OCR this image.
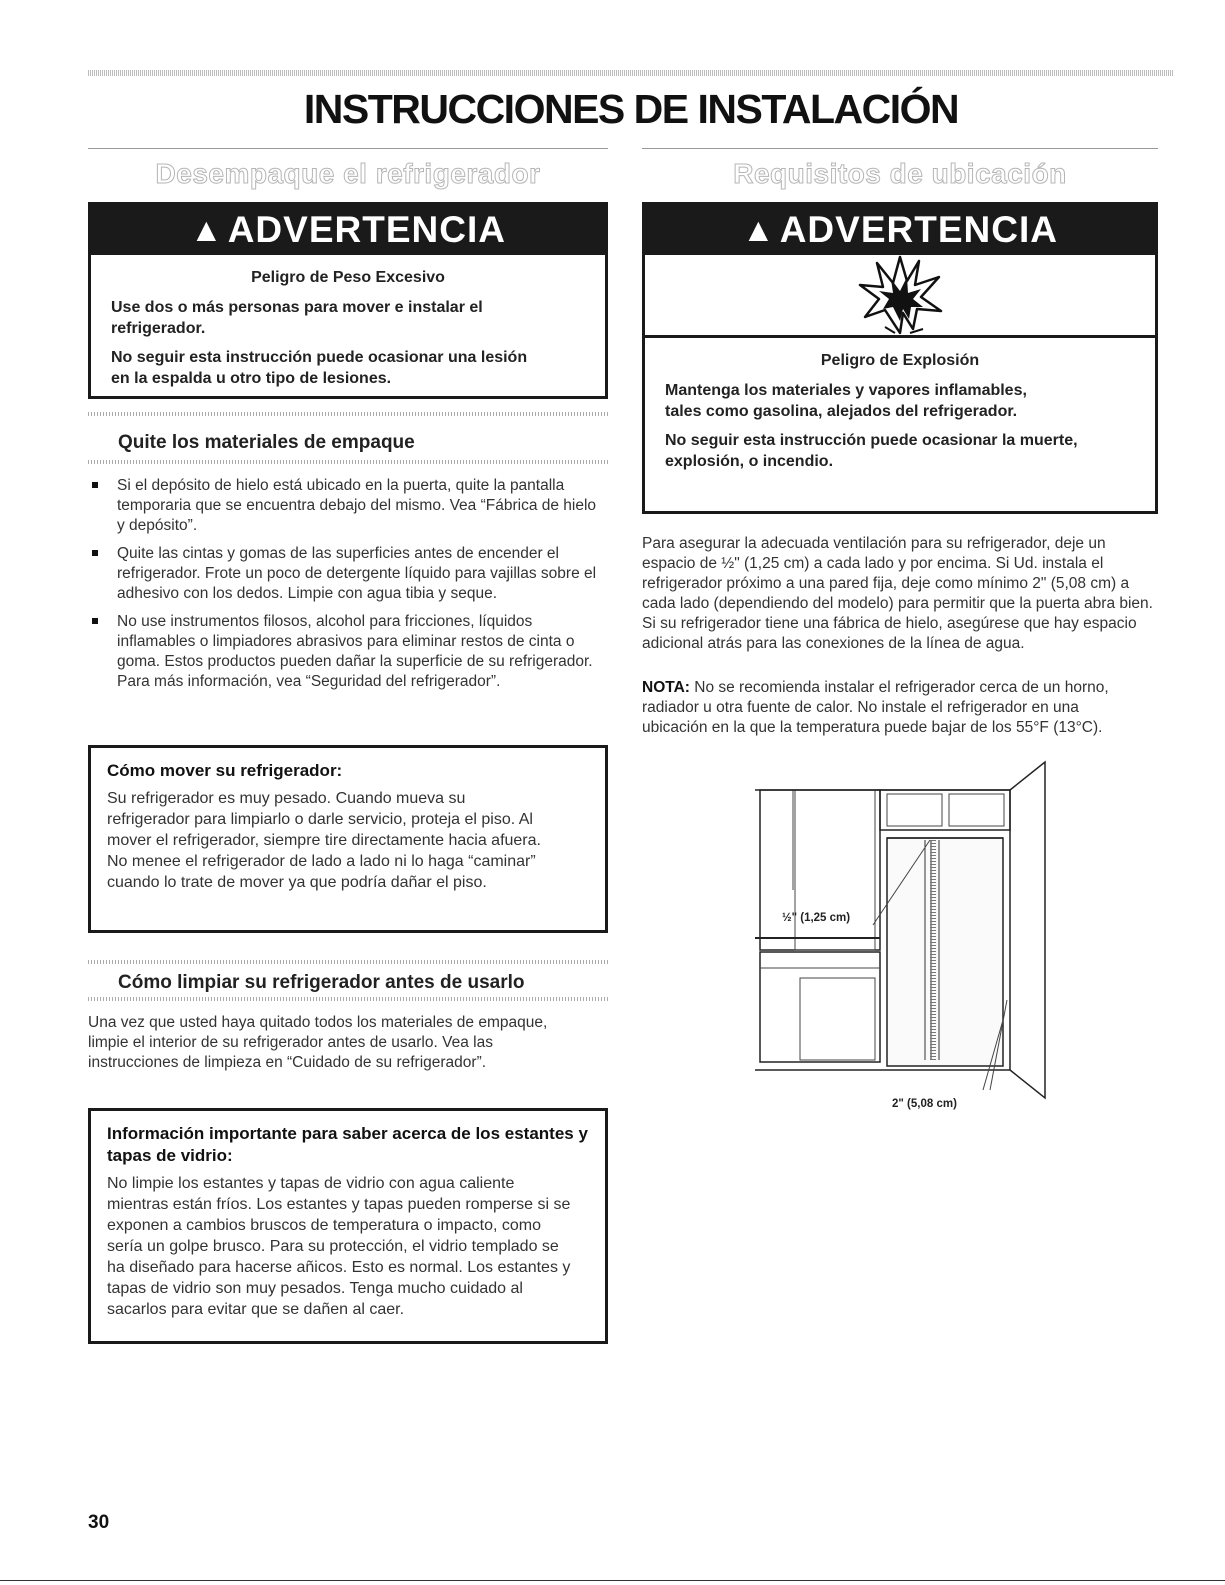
INSTRUCCIONES DE INSTALACIÓN
Desempaque el refrigerador
▲ ADVERTENCIA
Peligro de Peso Excesivo

Use dos o más personas para mover e instalar el refrigerador.

No seguir esta instrucción puede ocasionar una lesión en la espalda u otro tipo de lesiones.

Quite los materiales de empaque
Si el depósito de hielo está ubicado en la puerta, quite la pantalla temporaria que se encuentra debajo del mismo. Vea “Fábrica de hielo y depósito”.
Quite las cintas y gomas de las superficies antes de encender el refrigerador. Frote un poco de detergente líquido para vajillas sobre el adhesivo con los dedos. Limpie con agua tibia y seque.
No use instrumentos filosos, alcohol para fricciones, líquidos inflamables o limpiadores abrasivos para eliminar restos de cinta o goma. Estos productos pueden dañar la superficie de su refrigerador. Para más información, vea “Seguridad del refrigerador”.
Cómo mover su refrigerador:

Su refrigerador es muy pesado. Cuando mueva su refrigerador para limpiarlo o darle servicio, proteja el piso. Al mover el refrigerador, siempre tire directamente hacia afuera. No menee el refrigerador de lado a lado ni lo haga “caminar” cuando lo trate de mover ya que podría dañar el piso.

Cómo limpiar su refrigerador antes de usarlo

Una vez que usted haya quitado todos los materiales de empaque, limpie el interior de su refrigerador antes de usarlo. Vea las instrucciones de limpieza en “Cuidado de su refrigerador”.

Información importante para saber acerca de los estantes y tapas de vidrio:

No limpie los estantes y tapas de vidrio con agua caliente mientras están fríos. Los estantes y tapas pueden romperse si se exponen a cambios bruscos de temperatura o impacto, como sería un golpe brusco. Para su protección, el vidrio templado se ha diseñado para hacerse añicos. Esto es normal. Los estantes y tapas de vidrio son muy pesados. Tenga mucho cuidado al sacarlos para evitar que se dañen al caer.

Requisitos de ubicación
▲ ADVERTENCIA
Peligro de Explosión

Mantenga los materiales y vapores inflamables, tales como gasolina, alejados del refrigerador.

No seguir esta instrucción puede ocasionar la muerte, explosión, o incendio.

Para asegurar la adecuada ventilación para su refrigerador, deje un espacio de ½" (1,25 cm) a cada lado y por encima. Si Ud. instala el refrigerador próximo a una pared fija, deje como mínimo 2" (5,08 cm) a cada lado (dependiendo del modelo) para permitir que la puerta abra bien. Si su refrigerador tiene una fábrica de hielo, asegúrese que hay espacio adicional atrás para las conexiones de la línea de agua.

NOTA: No se recomienda instalar el refrigerador cerca de un horno, radiador u otra fuente de calor. No instale el refrigerador en una ubicación en la que la temperatura puede bajar de los 55°F (13°C).

½" (1,25 cm)
2" (5,08 cm)
30
